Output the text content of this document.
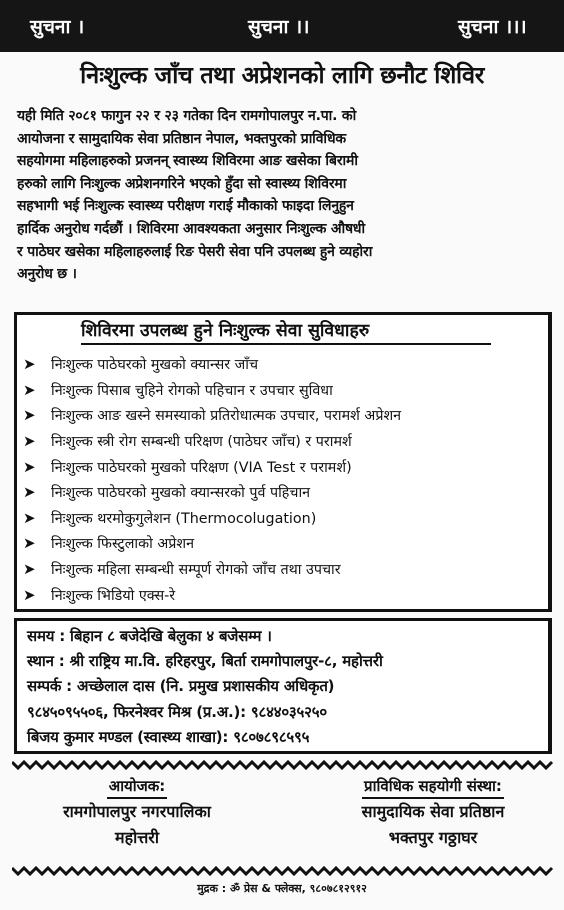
सुचना ।	सुचना ।।	सुचना ।।।
निःशुल्क जाँच तथा अप्रेशनको लागि छनौट शिविर
यही मिति २०८१ फागुन २२ र २३ गतेका दिन रामगोपालपुर न.पा. को
आयोजना र सामुदायिक सेवा प्रतिष्ठान नेपाल, भक्तपुरको प्राविधिक
सहयोगमा महिलाहरुको प्रजनन् स्वास्थ्य शिविरमा आङ खसेका बिरामी
हरुको लागि निःशुल्क अप्रेशनगरिने भएको हुँदा सो स्वास्थ्य शिविरमा
सहभागी भई निःशुल्क स्वास्थ्य परीक्षण गराई मौकाको फाइदा लिनुहुन
हार्दिक अनुरोध गर्दछौं । शिविरमा आवश्यकता अनुसार निःशुल्क औषधी
र पाठेघर खसेका महिलाहरुलाई रिङ पेसरी सेवा पनि उपलब्ध हुने व्यहोरा
अनुरोध छ ।
शिविरमा उपलब्ध हुने निःशुल्क सेवा सुविधाहरु
➤	निःशुल्क पाठेघरको मुखको क्यान्सर जाँच
➤	निःशुल्क पिसाब चुहिने रोगको पहिचान र उपचार सुविधा
➤	निःशुल्क आङ खस्ने समस्याको प्रतिरोधात्मक उपचार, परामर्श अप्रेशन
➤	निःशुल्क स्त्री रोग सम्बन्धी परिक्षण (पाठेघर जाँच) र परामर्श
➤	निःशुल्क पाठेघरको मुखको परिक्षण (VIA Test र परामर्श)
➤	निःशुल्क पाठेघरको मुखको क्यान्सरको पुर्व पहिचान
➤	निःशुल्क थरमोकुगुलेशन (Thermocolugation)
➤	निःशुल्क फिस्टुलाको अप्रेशन
➤	निःशुल्क महिला सम्बन्धी सम्पूर्ण रोगको जाँच तथा उपचार
➤	निःशुल्क भिडियो एक्स-रे
समय : बिहान ८ बजेदेखि बेलुका ४ बजेसम्म ।
स्थान : श्री राष्ट्रिय मा.वि. हरिहरपुर, बिर्ता रामगोपालपुर-८, महोत्तरी
सम्पर्क : अच्छेलाल दास (नि. प्रमुख प्रशासकीय अधिकृत)
९८४५०९५५०६, फिरनेश्वर मिश्र (प्र.अ.): ९८४४०३५२५०
बिजय कुमार मण्डल (स्वास्थ्य शाखा): ९८०७८९८५९५
आयोजक:
रामगोपालपुर नगरपालिका
महोत्तरी
प्राविधिक सहयोगी संस्था:
सामुदायिक सेवा प्रतिष्ठान
भक्तपुर गठ्ठाघर
मुद्रक : ॐ प्रेस & फ्लेक्स, ९८०७८१२९१२
